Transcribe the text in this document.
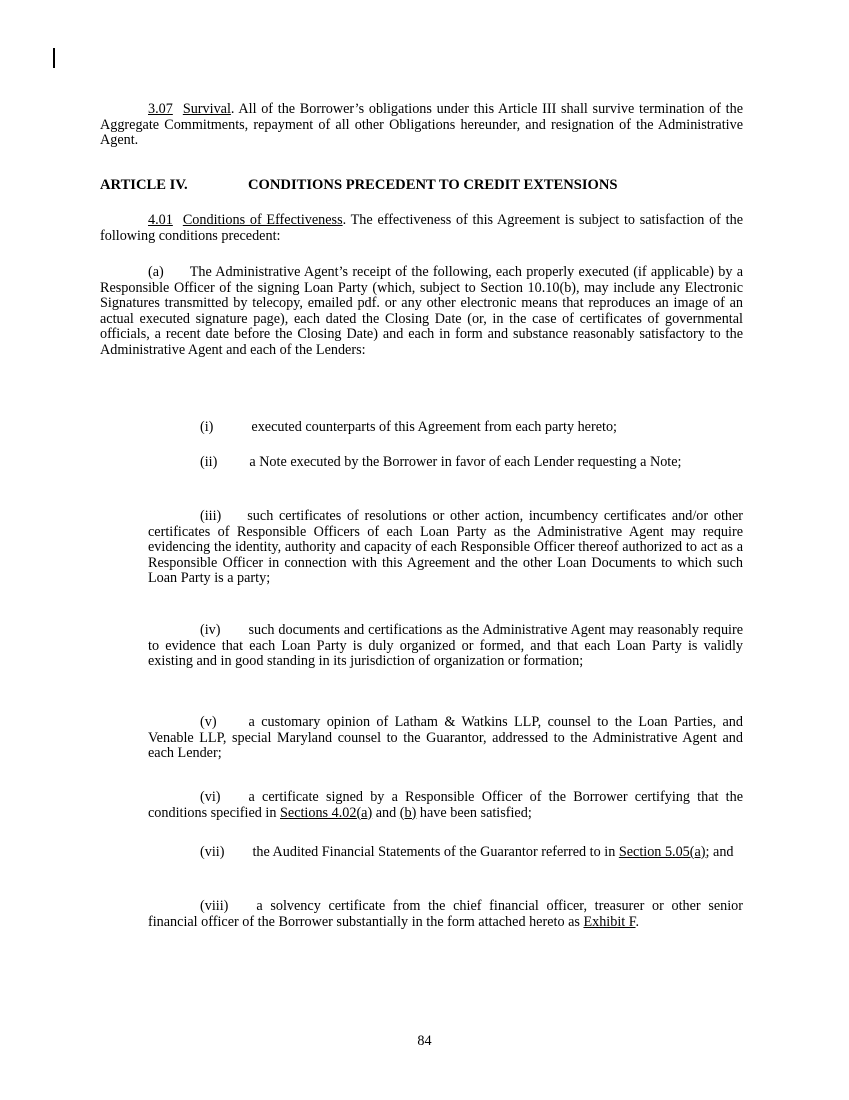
3.07 Survival. All of the Borrower’s obligations under this Article III shall survive termination of the Aggregate Commitments, repayment of all other Obligations hereunder, and resignation of the Administrative Agent.

ARTICLE IV.	CONDITIONS PRECEDENT TO CREDIT EXTENSIONS

4.01 Conditions of Effectiveness. The effectiveness of this Agreement is subject to satisfaction of the following conditions precedent:

(a) The Administrative Agent’s receipt of the following, each properly executed (if applicable) by a Responsible Officer of the signing Loan Party (which, subject to Section 10.10(b), may include any Electronic Signatures transmitted by telecopy, emailed pdf. or any other electronic means that reproduces an image of an actual executed signature page), each dated the Closing Date (or, in the case of certificates of governmental officials, a recent date before the Closing Date) and each in form and substance reasonably satisfactory to the Administrative Agent and each of the Lenders:

(i)	executed counterparts of this Agreement from each party hereto;

(ii) a Note executed by the Borrower in favor of each Lender requesting a Note;

(iii) such certificates of resolutions or other action, incumbency certificates and/or other certificates of Responsible Officers of each Loan Party as the Administrative Agent may require evidencing the identity, authority and capacity of each Responsible Officer thereof authorized to act as a Responsible Officer in connection with this Agreement and the other Loan Documents to which such Loan Party is a party;

(iv) such documents and certifications as the Administrative Agent may reasonably require to evidence that each Loan Party is duly organized or formed, and that each Loan Party is validly existing and in good standing in its jurisdiction of organization or formation;

(v) a customary opinion of Latham & Watkins LLP, counsel to the Loan Parties, and Venable LLP, special Maryland counsel to the Guarantor, addressed to the Administrative Agent and each Lender;

(vi) a certificate signed by a Responsible Officer of the Borrower certifying that the conditions specified in Sections 4.02(a) and (b) have been satisfied;

(vii) the Audited Financial Statements of the Guarantor referred to in Section 5.05(a); and

(viii) a solvency certificate from the chief financial officer, treasurer or other senior financial officer of the Borrower substantially in the form attached hereto as Exhibit F.

84
